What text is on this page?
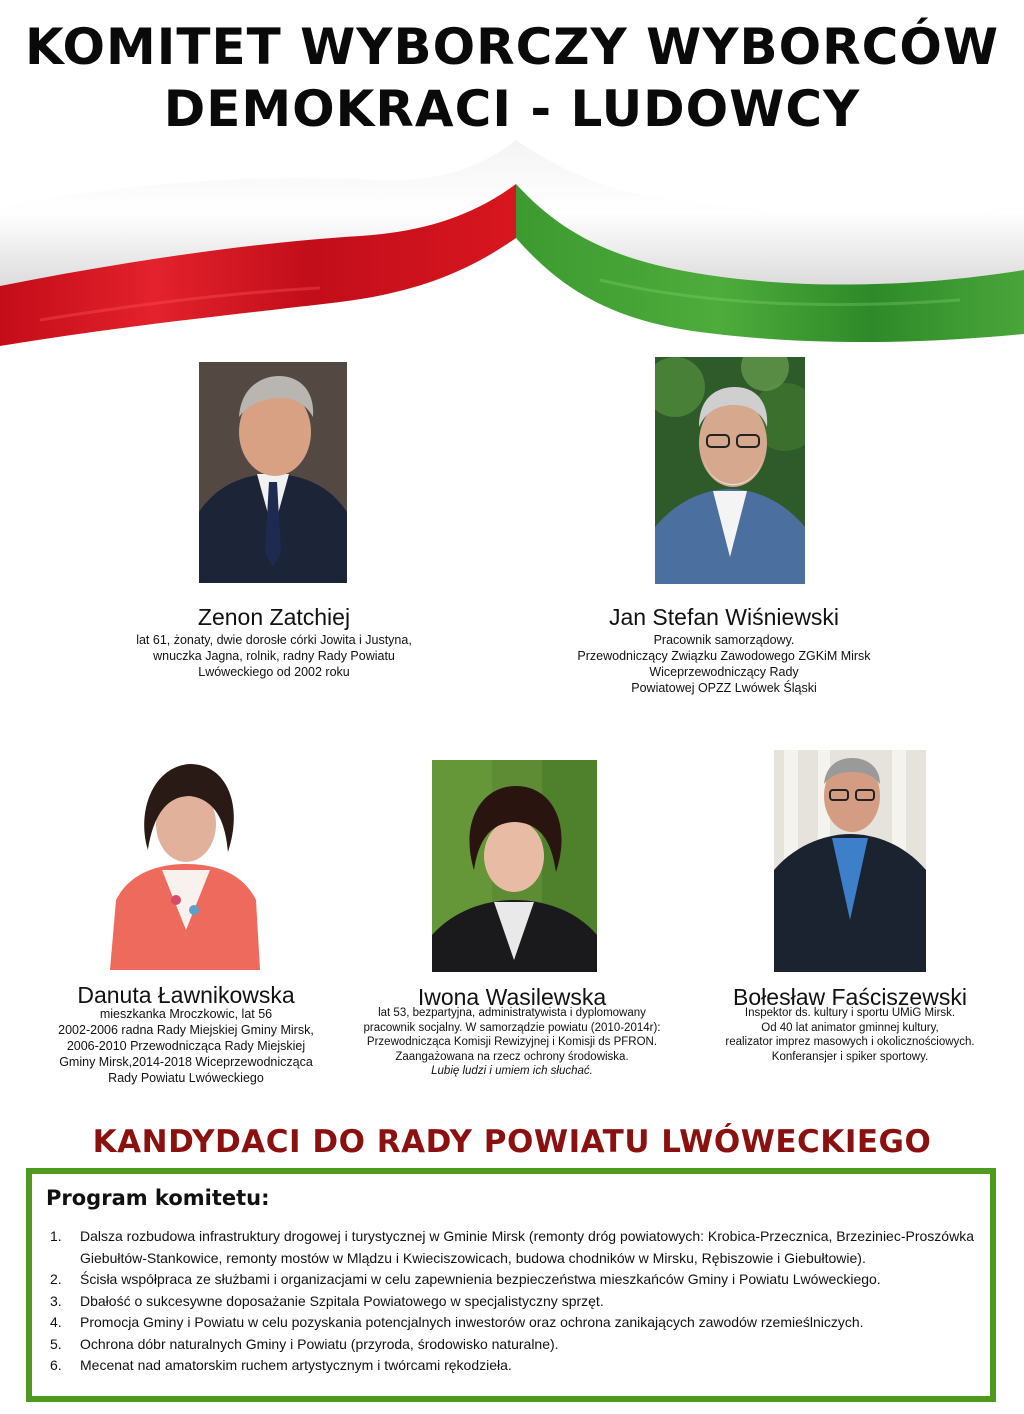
KOMITET WYBORCZY WYBORCÓW
DEMOKRACI - LUDOWCY
Zenon Zatchiej
lat 61, żonaty, dwie dorosłe córki Jowita i Justyna,
wnuczka Jagna, rolnik, radny Rady Powiatu
Lwóweckiego od 2002 roku
Jan Stefan Wiśniewski
Pracownik samorządowy.
Przewodniczący Związku Zawodowego ZGKiM Mirsk
Wiceprzewodniczący Rady
Powiatowej OPZZ Lwówek Śląski
Danuta Ławnikowska
mieszkanka Mroczkowic, lat 56
2002-2006 radna Rady Miejskiej Gminy Mirsk,
2006-2010 Przewodnicząca Rady Miejskiej
Gminy Mirsk,2014-2018 Wiceprzewodnicząca
Rady Powiatu Lwóweckiego
Iwona Wasilewska
lat 53, bezpartyjna, administratywista i dyplomowany
pracownik socjalny. W samorządzie powiatu (2010-2014r):
Przewodnicząca Komisji Rewizyjnej i Komisji ds PFRON.
Zaangażowana na rzecz ochrony środowiska.
Lubię ludzi i umiem ich słuchać.
Bołesław Faściszewski
Inspektor ds. kultury i sportu UMiG Mirsk.
Od 40 lat animator gminnej kultury,
realizator imprez masowych i okolicznościowych.
Konferansjer i spiker sportowy.
KANDYDACI DO RADY POWIATU LWÓWECKIEGO
Program komitetu:
1. Dalsza rozbudowa infrastruktury drogowej i turystycznej w Gminie Mirsk (remonty dróg powiatowych: Krobica-Przecznica, Brzeziniec-Proszówka
Giebułtów-Stankowice, remonty mostów w Mlądzu i Kwieciszowicach, budowa chodników w Mirsku, Rębiszowie i Giebułtowie).
2. Ścisła współpraca ze służbami i organizacjami w celu zapewnienia bezpieczeństwa mieszkańców Gminy i Powiatu Lwóweckiego.
3. Dbałość o sukcesywne doposażanie Szpitala Powiatowego w specjalistyczny sprzęt.
4. Promocja Gminy i Powiatu w celu pozyskania potencjalnych inwestorów oraz ochrona zanikających zawodów rzemieślniczych.
5. Ochrona dóbr naturalnych Gminy i Powiatu (przyroda, środowisko naturalne).
6. Mecenat nad amatorskim ruchem artystycznym i twórcami rękodzieła.
